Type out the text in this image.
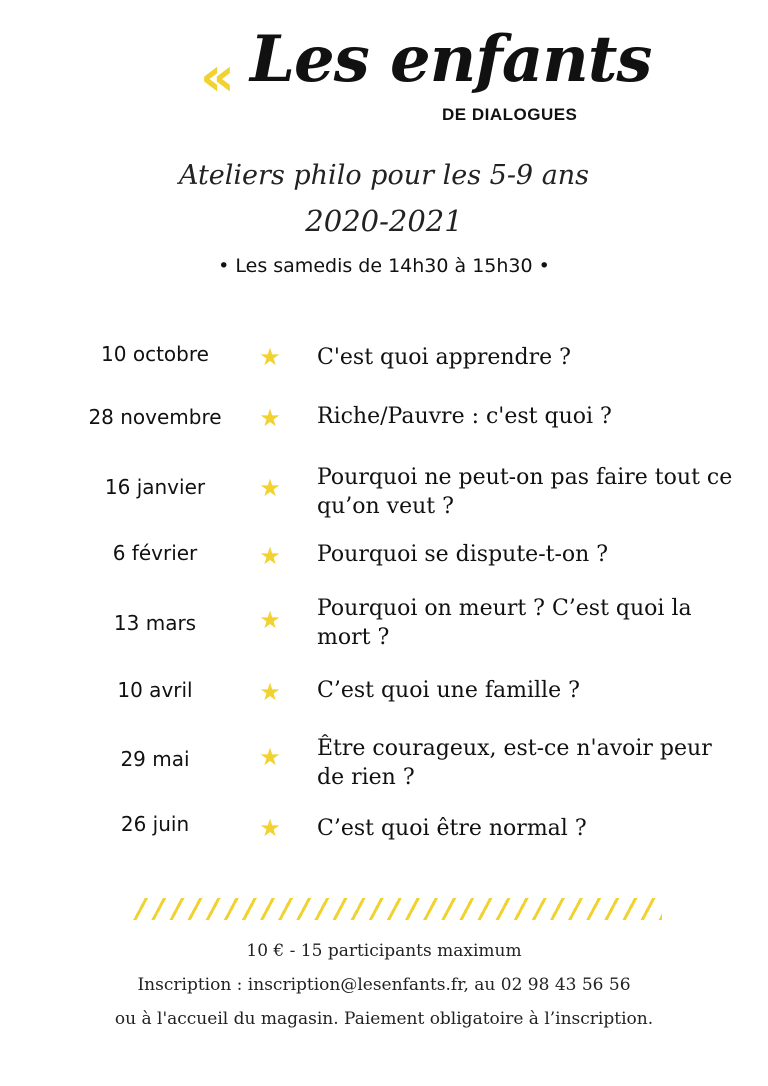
« Les enfants
DE DIALOGUES
Ateliers philo pour les 5-9 ans
2020-2021
• Les samedis de 14h30 à 15h30 •
10 octobre	★ C'est quoi apprendre ?
28 novembre	★ Riche/Pauvre : c'est quoi ?
16 janvier	★ Pourquoi ne peut-on pas faire tout ce qu’on veut ?
6 février	★ Pourquoi se dispute-t-on ?
13 mars	★ Pourquoi on meurt ? C’est quoi la mort ?
10 avril	★ C’est quoi une famille ?
29 mai	★ Être courageux, est-ce n'avoir peur de rien ?
26 juin	★ C’est quoi être normal ?
10 € - 15 participants maximum
Inscription : inscription@lesenfants.fr, au 02 98 43 56 56
ou à l'accueil du magasin. Paiement obligatoire à l’inscription.
